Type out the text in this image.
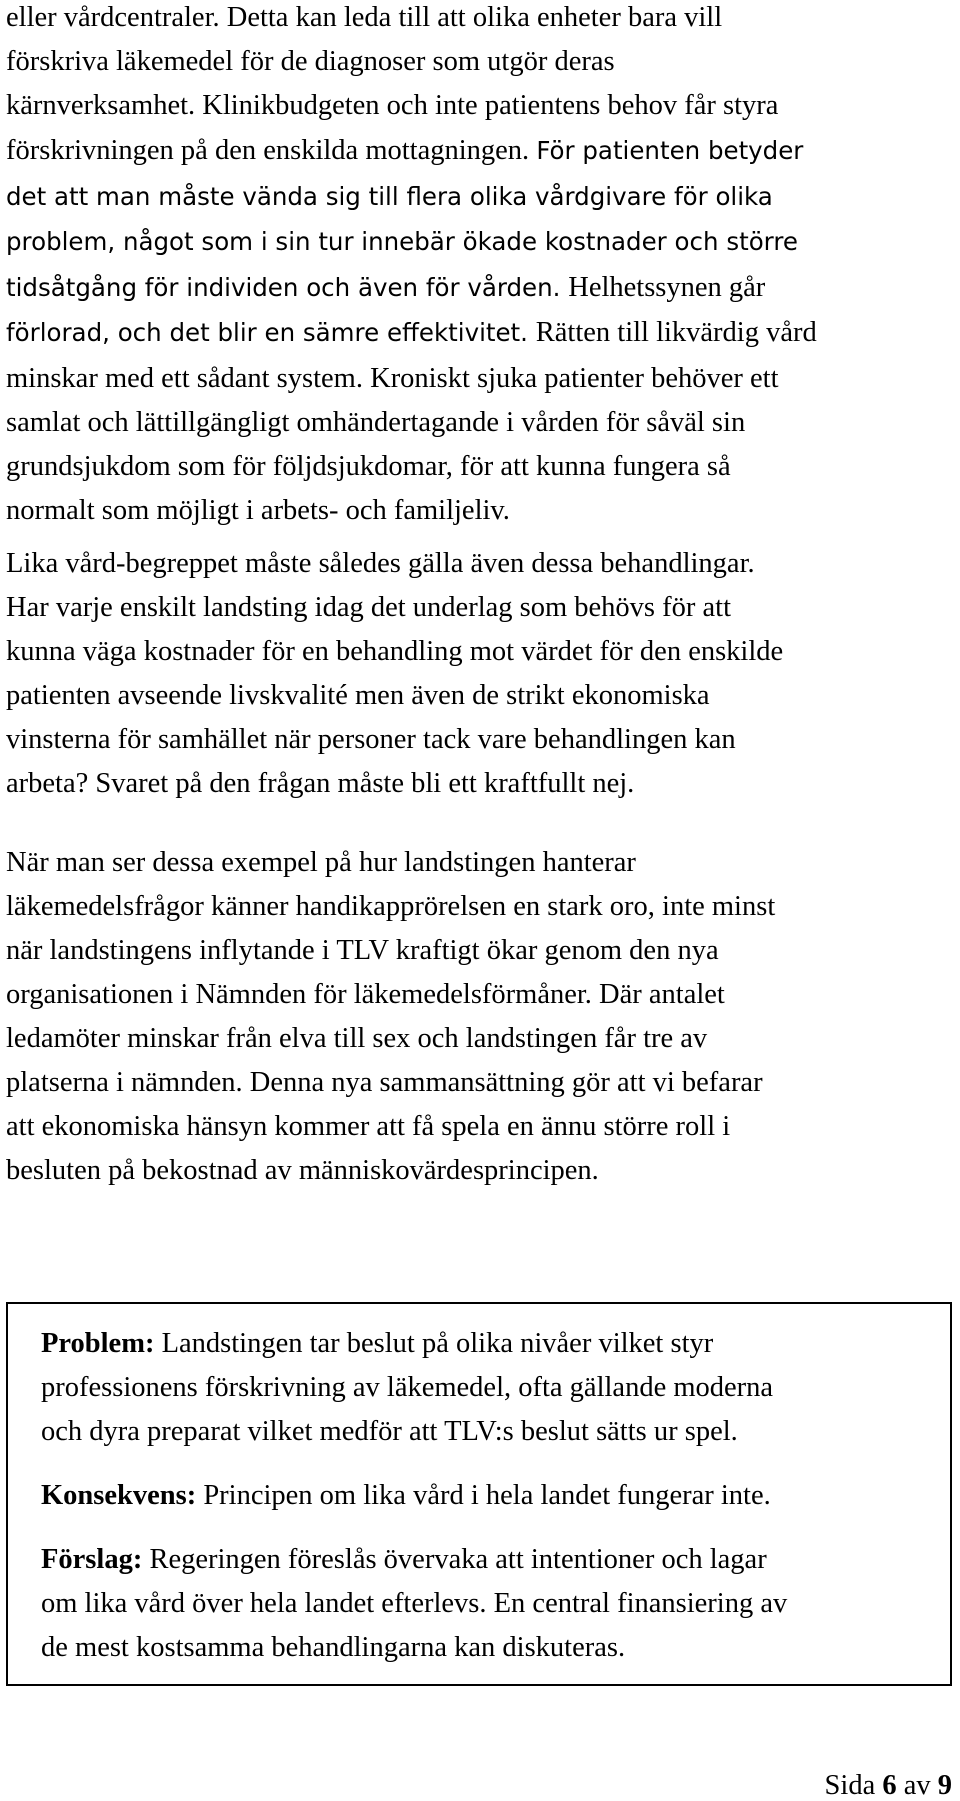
eller vårdcentraler. Detta kan leda till att olika enheter bara vill
förskriva läkemedel för de diagnoser som utgör deras
kärnverksamhet. Klinikbudgeten och inte patientens behov får styra
förskrivningen på den enskilda mottagningen. För patienten betyder
det att man måste vända sig till flera olika vårdgivare för olika
problem, något som i sin tur innebär ökade kostnader och större
tidsåtgång för individen och även för vården. Helhetssynen går
förlorad, och det blir en sämre effektivitet. Rätten till likvärdig vård
minskar med ett sådant system. Kroniskt sjuka patienter behöver ett
samlat och lättillgängligt omhändertagande i vården för såväl sin
grundsjukdom som för följdsjukdomar, för att kunna fungera så
normalt som möjligt i arbets- och familjeliv.
Lika vård-begreppet måste således gälla även dessa behandlingar.
Har varje enskilt landsting idag det underlag som behövs för att
kunna väga kostnader för en behandling mot värdet för den enskilde
patienten avseende livskvalité men även de strikt ekonomiska
vinsterna för samhället när personer tack vare behandlingen kan
arbeta? Svaret på den frågan måste bli ett kraftfullt nej.
När man ser dessa exempel på hur landstingen hanterar
läkemedelsfrågor känner handikapprörelsen en stark oro, inte minst
när landstingens inflytande i TLV kraftigt ökar genom den nya
organisationen i Nämnden för läkemedelsförmåner. Där antalet
ledamöter minskar från elva till sex och landstingen får tre av
platserna i nämnden. Denna nya sammansättning gör att vi befarar
att ekonomiska hänsyn kommer att få spela en ännu större roll i
besluten på bekostnad av människovärdesprincipen.
Problem: Landstingen tar beslut på olika nivåer vilket styr
professionens förskrivning av läkemedel, ofta gällande moderna
och dyra preparat vilket medför att TLV:s beslut sätts ur spel.
Konsekvens: Principen om lika vård i hela landet fungerar inte.
Förslag: Regeringen föreslås övervaka att intentioner och lagar
om lika vård över hela landet efterlevs. En central finansiering av
de mest kostsamma behandlingarna kan diskuteras.
Sida 6 av 9
